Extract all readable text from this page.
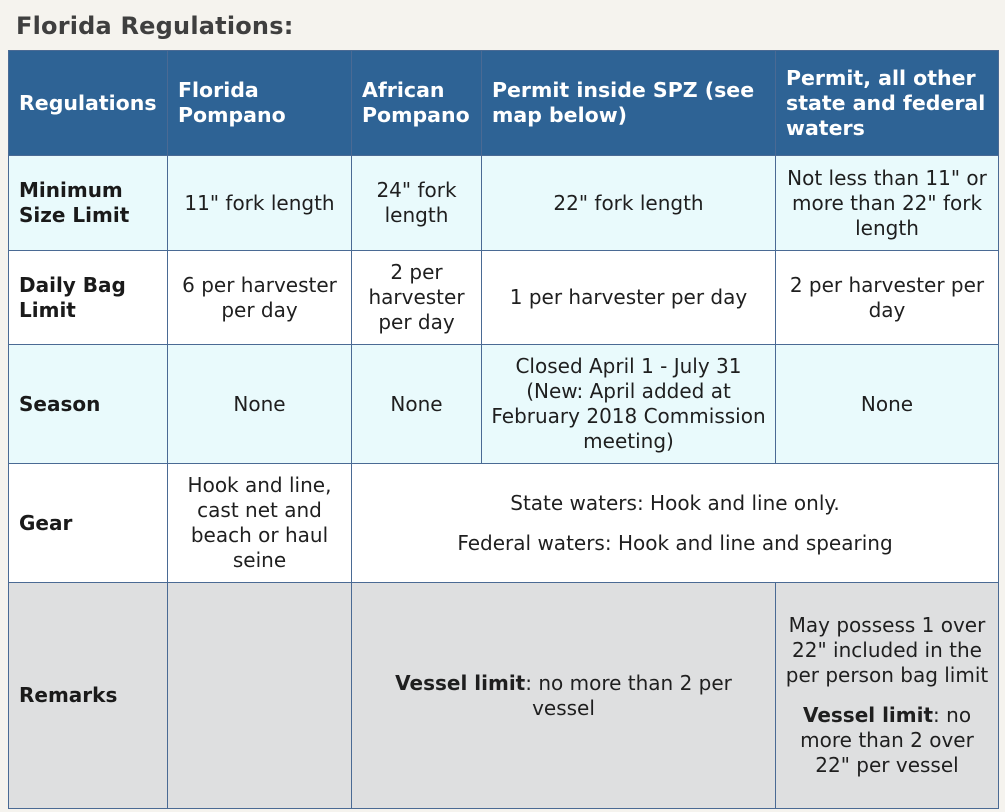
Florida Regulations:
Regulations	Florida Pompano	African Pompano	Permit inside SPZ (see map below)	Permit, all other state and federal waters
Minimum Size Limit	11" fork length	24" fork length	22" fork length	Not less than 11" or more than 22" fork length
Daily Bag Limit	6 per harvester per day	2 per harvester per day	1 per harvester per day	2 per harvester per day
Season	None	None	Closed April 1 - July 31 (New: April added at February 2018 Commission meeting)	None
Gear	Hook and line, cast net and beach or haul seine	State waters: Hook and line only.
Federal waters: Hook and line and spearing		

Remarks		Vessel limit: no more than 2 per vessel		May possess 1 over 22" included in the per person bag limit
Vessel limit: no more than 2 over 22" per vessel
